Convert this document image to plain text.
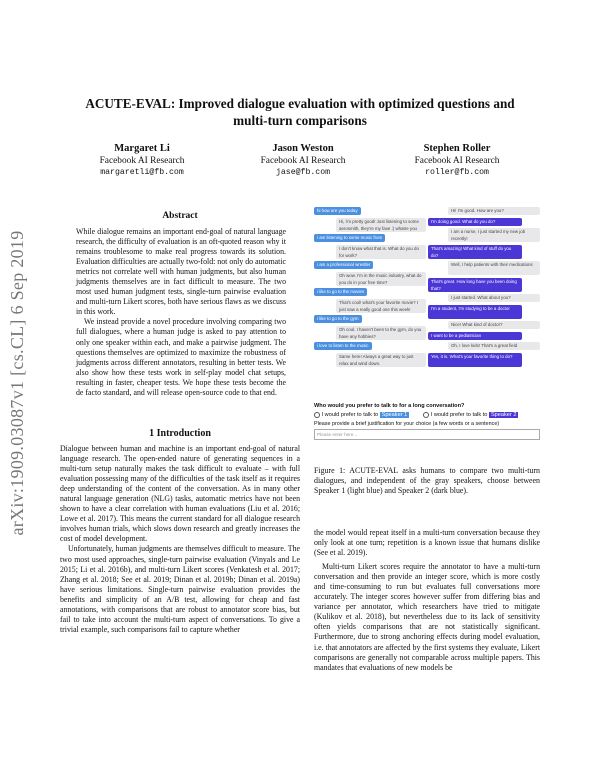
ACUTE-EVAL: Improved dialogue evaluation with optimized questions and
multi-turn comparisons
Margaret Li
Facebook AI Research
margaretli@fb.com
Jason Weston
Facebook AI Research
jase@fb.com
Stephen Roller
Facebook AI Research
roller@fb.com
arXiv:1909.03087v1 [cs.CL] 6 Sep 2019
Abstract
While dialogue remains an important end-goal of natural language research, the difficulty of evaluation is an oft-quoted reason why it remains troublesome to make real progress towards its solution. Evaluation difficulties are actually two-fold: not only do automatic metrics not correlate well with human judgments, but also human judgments themselves are in fact difficult to measure. The two most used human judgment tests, single-turn pairwise evaluation and multi-turn Likert scores, both have serious flaws as we discuss in this work.
We instead provide a novel procedure involving comparing two full dialogues, where a human judge is asked to pay attention to only one speaker within each, and make a pairwise judgment. The questions themselves are optimized to maximize the robustness of judgments across different annotators, resulting in better tests. We also show how these tests work in self-play model chat setups, resulting in faster, cheaper tests. We hope these tests become the de facto standard, and will release open-source code to that end.
1 Introduction
Dialogue between human and machine is an important end-goal of natural language research. The open-ended nature of generating sequences in a multi-turn setup naturally makes the task difficult to evaluate – with full evaluation possessing many of the difficulties of the task itself as it requires deep understanding of the content of the conversation. As in many other natural language generation (NLG) tasks, automatic metrics have not been shown to have a clear correlation with human evaluations (Liu et al. 2016; Lowe et al. 2017). This means the current standard for all dialogue research involves human trials, which slows down research and greatly increases the cost of model development.
Unfortunately, human judgments are themselves difficult to measure. The two most used approaches, single-turn pairwise evaluation (Vinyals and Le 2015; Li et al. 2016b), and multi-turn Likert scores (Venkatesh et al. 2017; Zhang et al. 2018; See et al. 2019; Dinan et al. 2019b; Dinan et al. 2019a) have serious limitations. Single-turn pairwise evaluation provides the benefits and simplicity of an A/B test, allowing for cheap and fast annotations, with comparisons that are robust to annotator score bias, but fail to take into account the multi-turn aspect of conversations. To give a trivial example, such comparisons fail to capture whether
hi how are you today
Hi, i'm pretty good! Just listening to some aerosmith, they're my fave :) whatre you
i am listening to some music from
I don't know what that is. What do you do for work?
i am a professional wrestler
Oh wow. I'm in the music industry, what do you do in your free time?
i like to go to the movies
That's cool! what's your favorite movie? I just saw a really good one this week!
i like to go to the gym
Oh cool. I haven't been to the gym, do you have any hobbies?
i love to listen to the music
Same here! Always a great way to just relax and wind down.
Hi! I'm good. How are you?
I'm doing good. What do you do?
I am a nurse, I just started my new job recently!
That's amazing! What kind of stuff do you do?
Well, I help patients with their medications
That's great. How long have you been doing that?
I just started. What about you?
I'm a student, I'm studying to be a doctor
Nice! What kind of doctor?
I want to be a pediatrician
Oh, I love kids! That's a great field
Yes, it is. What's your favorite thing to do?
Who would you prefer to talk to for a long conversation?
I would prefer to talk to Speaker 1	I would prefer to talk to Speaker 2
Please provide a brief justification for your choice (a few words or a sentence)
Please enter here...
Figure 1: ACUTE-EVAL asks humans to compare two multi-turn dialogues, and independent of the gray speakers, choose between Speaker 1 (light blue) and Speaker 2 (dark blue).
the model would repeat itself in a multi-turn conversation because they only look at one turn; repetition is a known issue that humans dislike (See et al. 2019).
Multi-turn Likert scores require the annotator to have a multi-turn conversation and then provide an integer score, which is more costly and time-consuming to run but evaluates full conversations more accurately. The integer scores however suffer from differing bias and variance per annotator, which researchers have tried to mitigate (Kulikov et al. 2018), but nevertheless due to its lack of sensitivity often yields comparisons that are not statistically significant. Furthermore, due to strong anchoring effects during model evaluation, i.e. that annotators are affected by the first systems they evaluate, Likert comparisons are generally not comparable across multiple papers. This mandates that evaluations of new models be
